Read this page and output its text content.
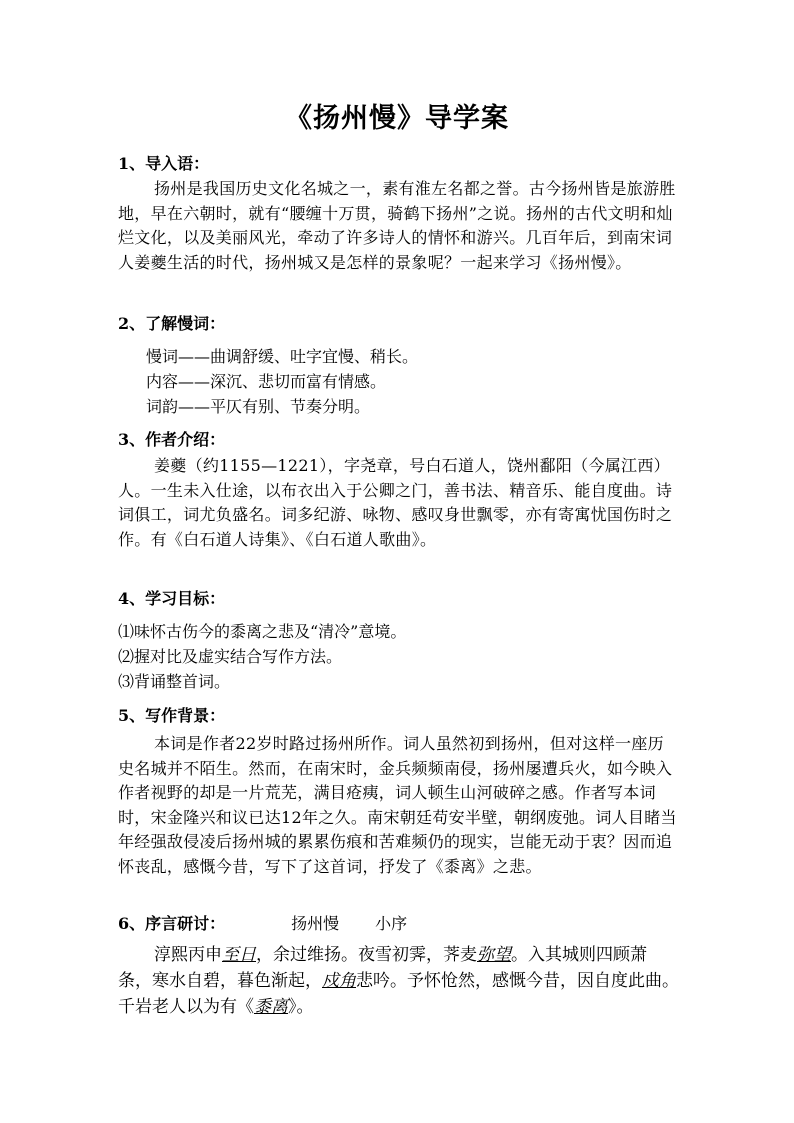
《扬州慢》导学案
1、导入语：
扬州是我国历史文化名城之一，素有淮左名都之誉。古今扬州皆是旅游胜地，早在六朝时，就有“腰缠十万贯，骑鹤下扬州”之说。扬州的古代文明和灿烂文化，以及美丽风光，牵动了许多诗人的情怀和游兴。几百年后，到南宋词人姜夔生活的时代，扬州城又是怎样的景象呢？一起来学习《扬州慢》。
2、了解慢词：
慢词——曲调舒缓、吐字宜慢、稍长。
内容——深沉、悲切而富有情感。
词韵——平仄有别、节奏分明。
3、作者介绍：
姜夔（约1155—1221），字尧章，号白石道人，饶州鄱阳（今属江西）人。一生未入仕途，以布衣出入于公卿之门，善书法、精音乐、能自度曲。诗词俱工，词尤负盛名。词多纪游、咏物、感叹身世飘零，亦有寄寓忧国伤时之作。有《白石道人诗集》、《白石道人歌曲》。
4、学习目标：
⑴味怀古伤今的黍离之悲及“清冷”意境。
⑵握对比及虚实结合写作方法。
⑶背诵整首词。
5、写作背景：
本词是作者22岁时路过扬州所作。词人虽然初到扬州，但对这样一座历史名城并不陌生。然而，在南宋时，金兵频频南侵，扬州屡遭兵火，如今映入作者视野的却是一片荒芜，满目疮痍，词人顿生山河破碎之感。作者写本词时，宋金隆兴和议已达12年之久。南宋朝廷苟安半壁，朝纲废弛。词人目睹当年经强敌侵凌后扬州城的累累伤痕和苦难频仍的现实，岂能无动于衷？因而追怀丧乱，感慨今昔，写下了这首词，抒发了《黍离》之悲。
6、序言研讨：	扬州慢 小序
淳熙丙申至日，余过维扬。夜雪初霁，荠麦弥望。入其城则四顾萧条，寒水自碧，暮色渐起，戍角悲吟。予怀怆然，感慨今昔，因自度此曲。千岩老人以为有《黍离》。
